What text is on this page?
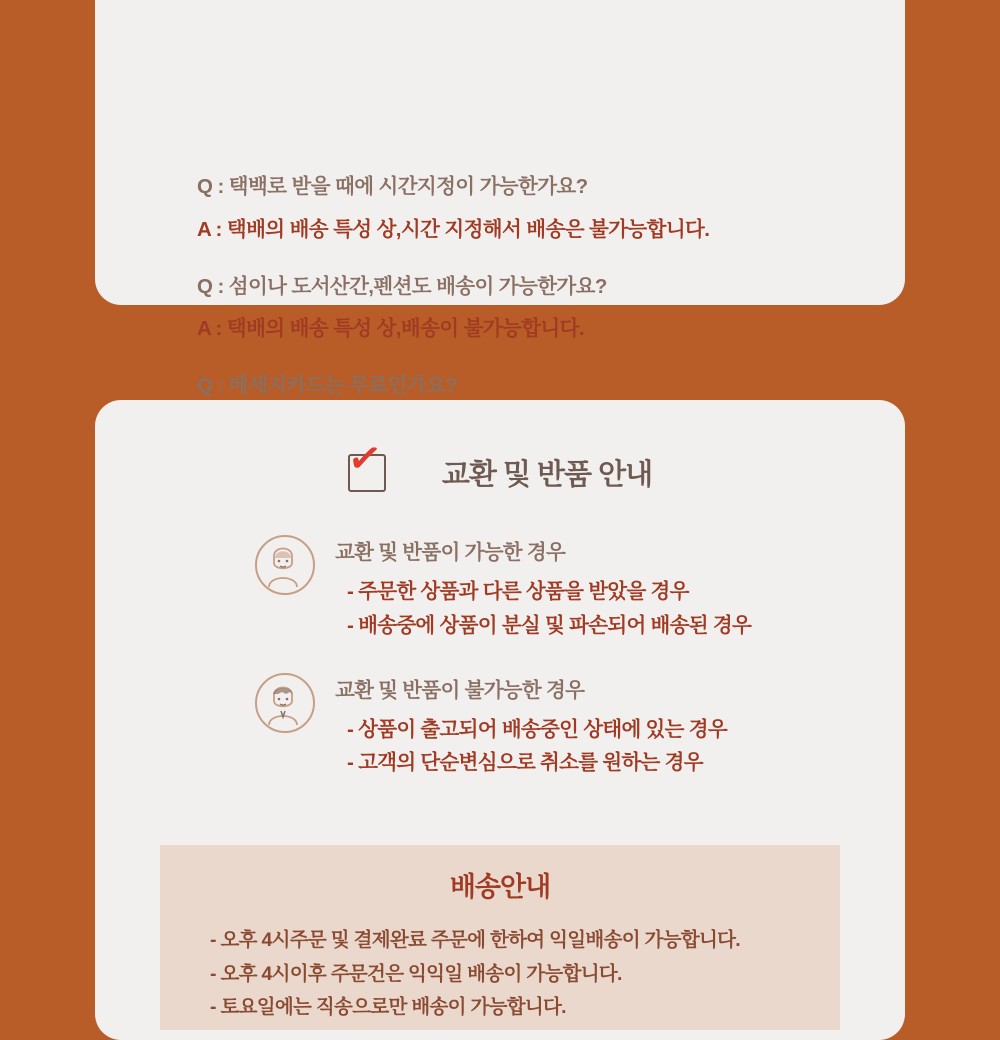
Q : 택백로 받을 때에 시간지정이 가능한가요?
A : 택배의 배송 특성 상,시간 지정해서 배송은 불가능합니다.
Q : 섬이나 도서산간,펜션도 배송이 가능한가요?
A : 택배의 배송 특성 상,배송이 불가능합니다.
Q : 메세지카드는 무료인가요?
✓ 교환 및 반품 안내
교환 및 반품이 가능한 경우
- 주문한 상품과 다른 상품을 받았을 경우
- 배송중에 상품이 분실 및 파손되어 배송된 경우
교환 및 반품이 불가능한 경우
- 상품이 출고되어 배송중인 상태에 있는 경우
- 고객의 단순변심으로 취소를 원하는 경우
배송안내
- 오후 4시주문 및 결제완료 주문에 한하여 익일배송이 가능합니다.
- 오후 4시이후 주문건은 익익일 배송이 가능합니다.
- 토요일에는 직송으로만 배송이 가능합니다.
